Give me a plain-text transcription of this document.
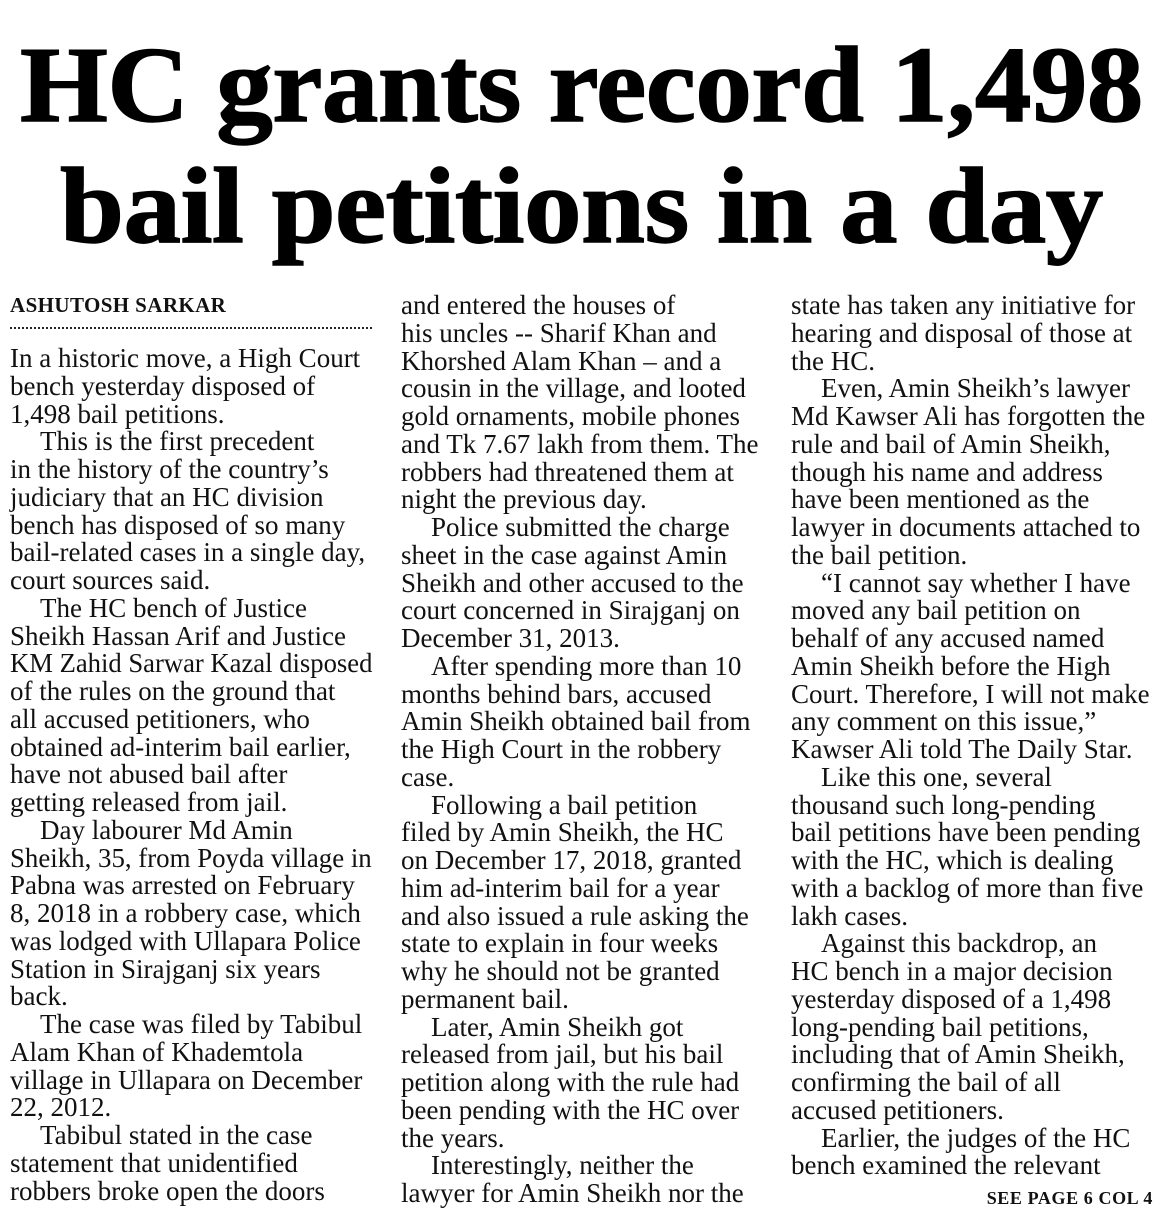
HC grants record 1,498
bail petitions in a day
ASHUTOSH SARKAR
In a historic move, a High Court
bench yesterday disposed of
1,498 bail petitions.
This is the first precedent
in the history of the country’s
judiciary that an HC division
bench has disposed of so many
bail-related cases in a single day,
court sources said.
The HC bench of Justice
Sheikh Hassan Arif and Justice
KM Zahid Sarwar Kazal disposed
of the rules on the ground that
all accused petitioners, who
obtained ad-interim bail earlier,
have not abused bail after
getting released from jail.
Day labourer Md Amin
Sheikh, 35, from Poyda village in
Pabna was arrested on February
8, 2018 in a robbery case, which
was lodged with Ullapara Police
Station in Sirajganj six years
back.
The case was filed by Tabibul
Alam Khan of Khademtola
village in Ullapara on December
22, 2012.
Tabibul stated in the case
statement that unidentified
robbers broke open the doors
and entered the houses of
his uncles -- Sharif Khan and
Khorshed Alam Khan – and a
cousin in the village, and looted
gold ornaments, mobile phones
and Tk 7.67 lakh from them. The
robbers had threatened them at
night the previous day.
Police submitted the charge
sheet in the case against Amin
Sheikh and other accused to the
court concerned in Sirajganj on
December 31, 2013.
After spending more than 10
months behind bars, accused
Amin Sheikh obtained bail from
the High Court in the robbery
case.
Following a bail petition
filed by Amin Sheikh, the HC
on December 17, 2018, granted
him ad-interim bail for a year
and also issued a rule asking the
state to explain in four weeks
why he should not be granted
permanent bail.
Later, Amin Sheikh got
released from jail, but his bail
petition along with the rule had
been pending with the HC over
the years.
Interestingly, neither the
lawyer for Amin Sheikh nor the
state has taken any initiative for
hearing and disposal of those at
the HC.
Even, Amin Sheikh’s lawyer
Md Kawser Ali has forgotten the
rule and bail of Amin Sheikh,
though his name and address
have been mentioned as the
lawyer in documents attached to
the bail petition.
“I cannot say whether I have
moved any bail petition on
behalf of any accused named
Amin Sheikh before the High
Court. Therefore, I will not make
any comment on this issue,”
Kawser Ali told The Daily Star.
Like this one, several
thousand such long-pending
bail petitions have been pending
with the HC, which is dealing
with a backlog of more than five
lakh cases.
Against this backdrop, an
HC bench in a major decision
yesterday disposed of a 1,498
long-pending bail petitions,
including that of Amin Sheikh,
confirming the bail of all
accused petitioners.
Earlier, the judges of the HC
bench examined the relevant
SEE PAGE 6 COL 4
